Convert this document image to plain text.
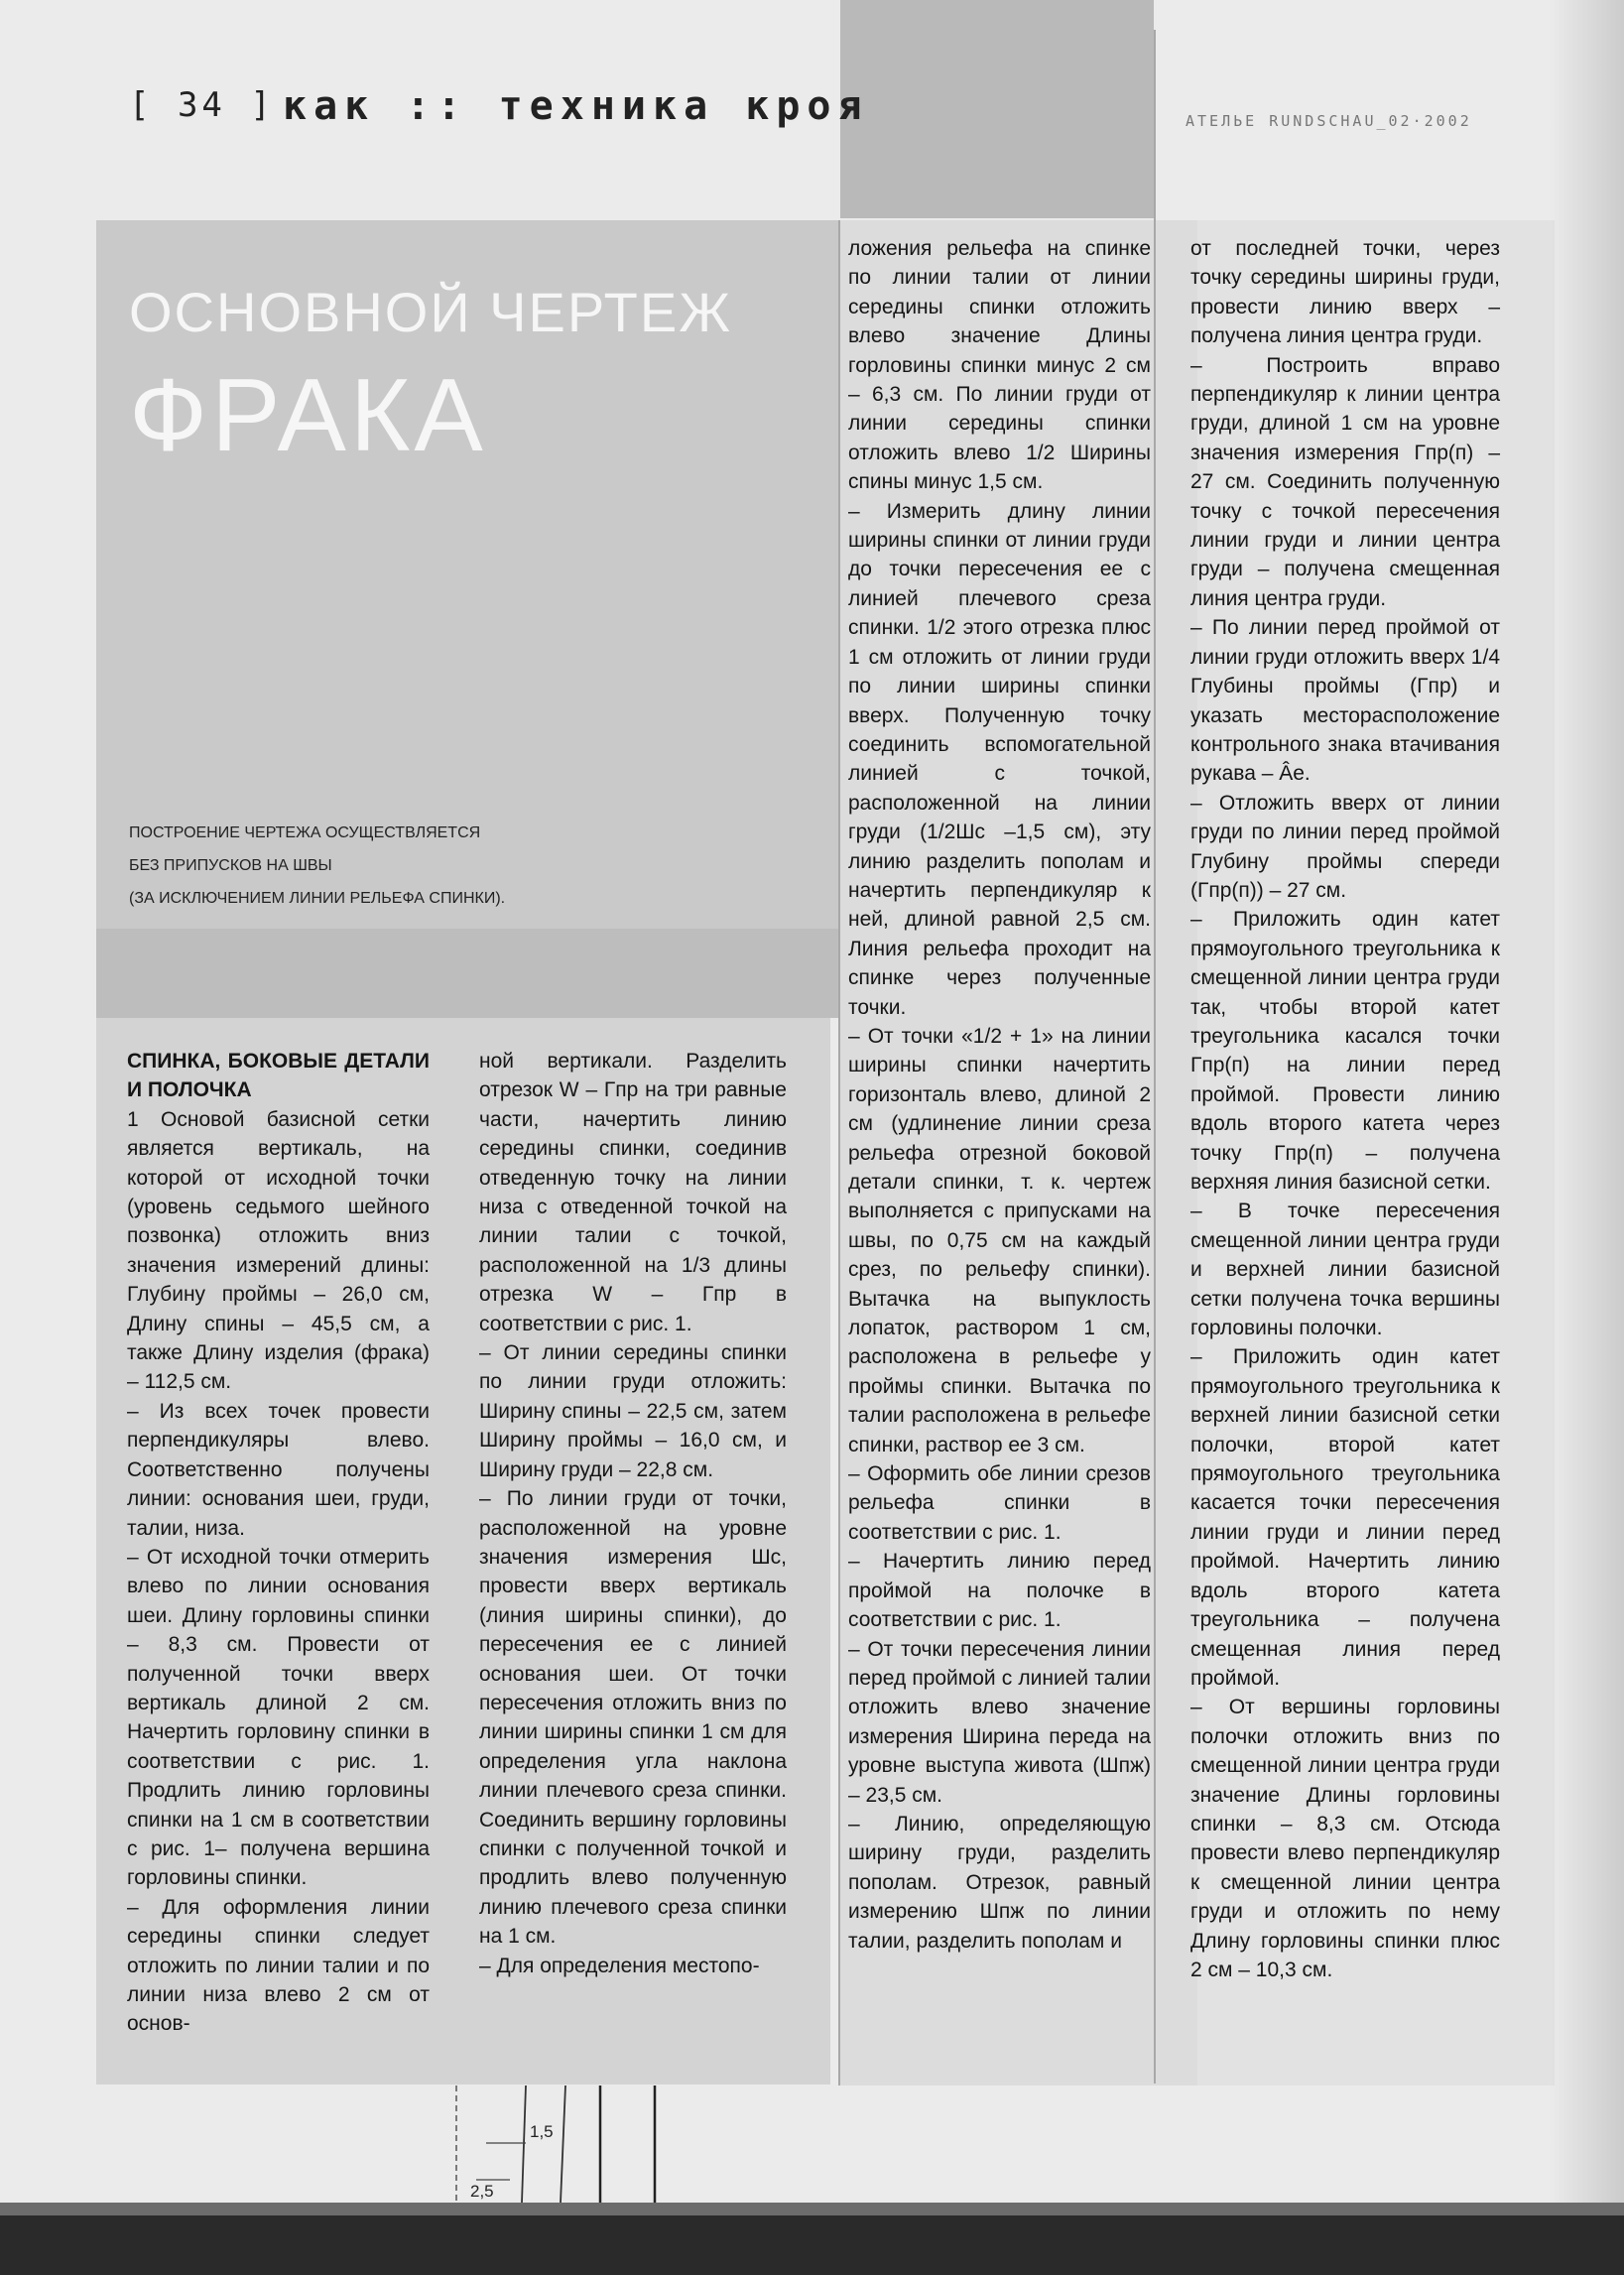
[ 34 ] как :: техника кроя	АТЕЛЬЕ RUNDSCHAU_02·2002
ОСНОВНОЙ ЧЕРТЕЖ
ФРАКА
ПОСТРОЕНИЕ ЧЕРТЕЖА ОСУЩЕСТВЛЯЕТСЯ
БЕЗ ПРИПУСКОВ НА ШВЫ
(ЗА ИСКЛЮЧЕНИЕМ ЛИНИИ РЕЛЬЕФА СПИНКИ).
СПИНКА, БОКОВЫЕ ДЕТАЛИ И ПОЛОЧКА

1 Основой базисной сетки является вертикаль, на которой от исходной точки (уровень седьмого шейного позвонка) отложить вниз значения измерений длины: Глубину проймы – 26,0 см, Длину спины – 45,5 см, а также Длину изделия (фрака) – 112,5 см.

– Из всех точек провести перпендикуляры влево. Соответственно получены линии: основания шеи, груди, талии, низа.

– От исходной точки отмерить влево по линии основания шеи. Длину горловины спинки – 8,3 см. Провести от полученной точки вверх вертикаль длиной 2 см. Начертить горловину спинки в соответствии с рис. 1. Продлить линию горловины спинки на 1 см в соответствии с рис. 1– получена вершина горловины спинки.

– Для оформления линии середины спинки следует отложить по линии талии и по линии низа влево 2 см от основ-

ной вертикали. Разделить отрезок W – Гпр на три равные части, начертить линию середины спинки, соединив отведенную точку на линии низа с отведенной точкой на линии талии с точкой, расположенной на 1/3 длины отрезка W – Гпр в соответствии с рис. 1.

– От линии середины спинки по линии груди отложить: Ширину спины – 22,5 см, затем Ширину проймы – 16,0 см, и Ширину груди – 22,8 см.

– По линии груди от точки, расположенной на уровне значения измерения Шс, провести вверх вертикаль (линия ширины спинки), до пересечения ее с линией основания шеи. От точки пересечения отложить вниз по линии ширины спинки 1 см для определения угла наклона линии плечевого среза спинки. Соединить вершину горловины спинки с полученной точкой и продлить влево полученную линию плечевого среза спинки на 1 см.

– Для определения местопо-

ложения рельефа на спинке по линии талии от линии середины спинки отложить влево значение Длины горловины спинки минус 2 см – 6,3 см. По линии груди от линии середины спинки отложить влево 1/2 Ширины спины минус 1,5 см.

– Измерить длину линии ширины спинки от линии груди до точки пересечения ее с линией плечевого среза спинки. 1/2 этого отрезка плюс 1 см отложить от линии груди по линии ширины спинки вверх. Полученную точку соединить вспомогательной линией с точкой, расположенной на линии груди (1/2Шс –1,5 см), эту линию разделить пополам и начертить перпендикуляр к ней, длиной равной 2,5 см. Линия рельефа проходит на спинке через полученные точки.

– От точки «1/2 + 1» на линии ширины спинки начертить горизонталь влево, длиной 2 см (удлинение линии среза рельефа отрезной боковой детали спинки, т. к. чертеж выполняется с припусками на швы, по 0,75 см на каждый срез, по рельефу спинки). Вытачка на выпуклость лопаток, раствором 1 см, расположена в рельефе у проймы спинки. Вытачка по талии расположена в рельефе спинки, раствор ее 3 см.

– Оформить обе линии срезов рельефа спинки в соответствии с рис. 1.

– Начертить линию перед проймой на полочке в соответствии с рис. 1.

– От точки пересечения линии перед проймой с линией талии отложить влево значение измерения Ширина переда на уровне выступа живота (Шпж) – 23,5 см.

– Линию, определяющую ширину груди, разделить пополам. Отрезок, равный измерению Шпж по линии талии, разделить пополам и

от последней точки, через точку середины ширины груди, провести линию вверх – получена линия центра груди.

– Построить вправо перпендикуляр к линии центра груди, длиной 1 см на уровне значения измерения Гпр(п) – 27 см. Соединить полученную точку с точкой пересечения линии груди и линии центра груди – получена смещенная линия центра груди.

– По линии перед проймой от линии груди отложить вверх 1/4 Глубины проймы (Гпр) и указать месторасположение контрольного знака втачивания рукава – Âе.

– Отложить вверх от линии груди по линии перед проймой Глубину проймы спереди (Гпр(п)) – 27 см.

– Приложить один катет прямоугольного треугольника к смещенной линии центра груди так, чтобы второй катет треугольника касался точки Гпр(п) на линии перед проймой. Провести линию вдоль второго катета через точку Гпр(п) – получена верхняя линия базисной сетки.

– В точке пересечения смещенной линии центра груди и верхней линии базисной сетки получена точка вершины горловины полочки.

– Приложить один катет прямоугольного треугольника к верхней линии базисной сетки полочки, второй катет прямоугольного треугольника касается точки пересечения линии груди и линии перед проймой. Начертить линию вдоль второго катета треугольника – получена смещенная линия перед проймой.

– От вершины горловины полочки отложить вниз по смещенной линии центра груди значение Длины горловины спинки – 8,3 см. Отсюда провести влево перпендикуляр к смещенной линии центра груди и отложить по нему Длину горловины спинки плюс 2 см – 10,3 см.

1,5
2,5
